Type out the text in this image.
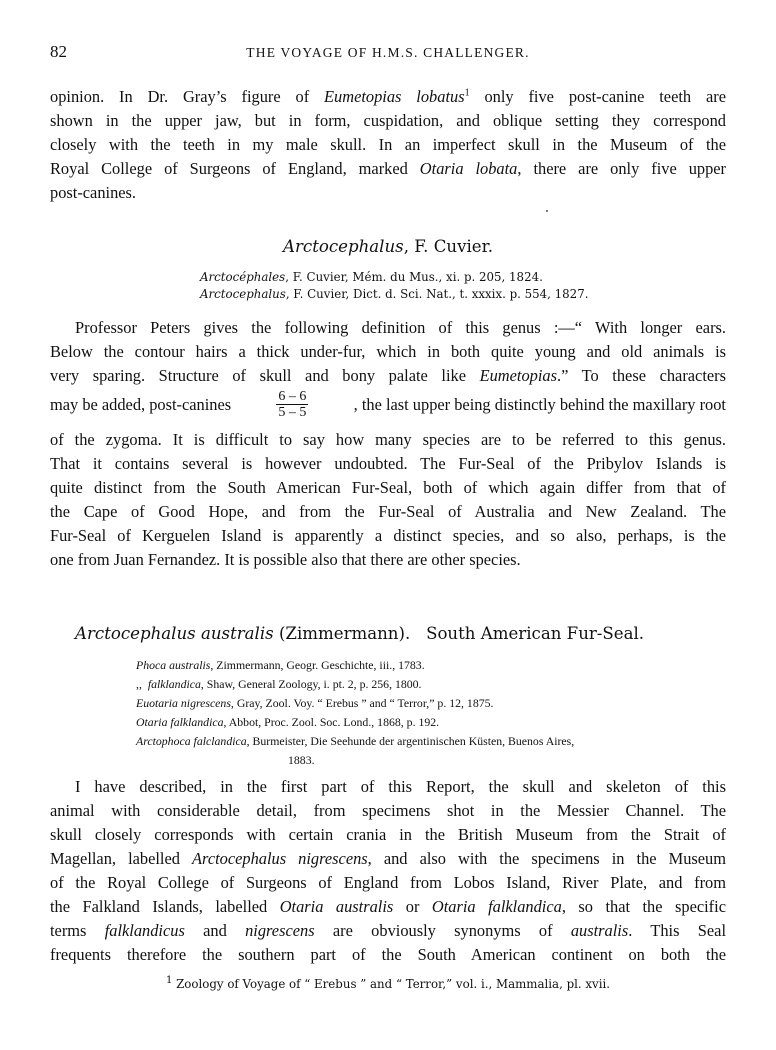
82	THE VOYAGE OF H.M.S. CHALLENGER.
opinion. In Dr. Gray’s figure of Eumetopias lobatus$^1$ only five post-canine teeth are
shown in the upper jaw, but in form, cuspidation, and oblique setting they correspond
closely with the teeth in my male skull. In an imperfect skull in the Museum of the
Royal College of Surgeons of England, marked Otaria lobata, there are only five upper
post-canines.
Arctocephalus, F. Cuvier.
Arctocéphales, F. Cuvier, Mém. du Mus., xi. p. 205, 1824.
Arctocephalus, F. Cuvier, Dict. d. Sci. Nat., t. xxxix. p. 554, 1827.
Professor Peters gives the following definition of this genus :—“ With longer ears.
Below the contour hairs a thick under-fur, which in both quite young and old animals is
very sparing. Structure of skull and bony palate like Eumetopias.” To these characters
may be added, post-canines	$\frac{6 - 6}{5 - 5}$	, the last upper being distinctly behind the maxillary root
of the zygoma. It is difficult to say how many species are to be referred to this genus.
That it contains several is however undoubted. The Fur-Seal of the Pribylov Islands is
quite distinct from the South American Fur-Seal, both of which again differ from that of
the Cape of Good Hope, and from the Fur-Seal of Australia and New Zealand. The
Fur-Seal of Kerguelen Island is apparently a distinct species, and so also, perhaps, is the
one from Juan Fernandez. It is possible also that there are other species.
Arctocephalus australis (Zimmermann). South American Fur-Seal.
Phoca australis, Zimmermann, Geogr. Geschichte, iii., 1783.
,, falklandica, Shaw, General Zoology, i. pt. 2, p. 256, 1800.
Euotaria nigrescens, Gray, Zool. Voy. “ Erebus ” and “ Terror,” p. 12, 1875.
Otaria falklandica, Abbot, Proc. Zool. Soc. Lond., 1868, p. 192.
Arctophoca falclandica, Burmeister, Die Seehunde der argentinischen Küsten, Buenos Aires,
1883.
I have described, in the first part of this Report, the skull and skeleton of this
animal with considerable detail, from specimens shot in the Messier Channel. The
skull closely corresponds with certain crania in the British Museum from the Strait of
Magellan, labelled Arctocephalus nigrescens, and also with the specimens in the Museum
of the Royal College of Surgeons of England from Lobos Island, River Plate, and from
the Falkland Islands, labelled Otaria australis or Otaria falklandica, so that the specific
terms falklandicus and nigrescens are obviously synonyms of australis. This Seal
frequents therefore the southern part of the South American continent on both the
$^1$ Zoology of Voyage of “ Erebus ” and “ Terror,” vol. i., Mammalia, pl. xvii.
